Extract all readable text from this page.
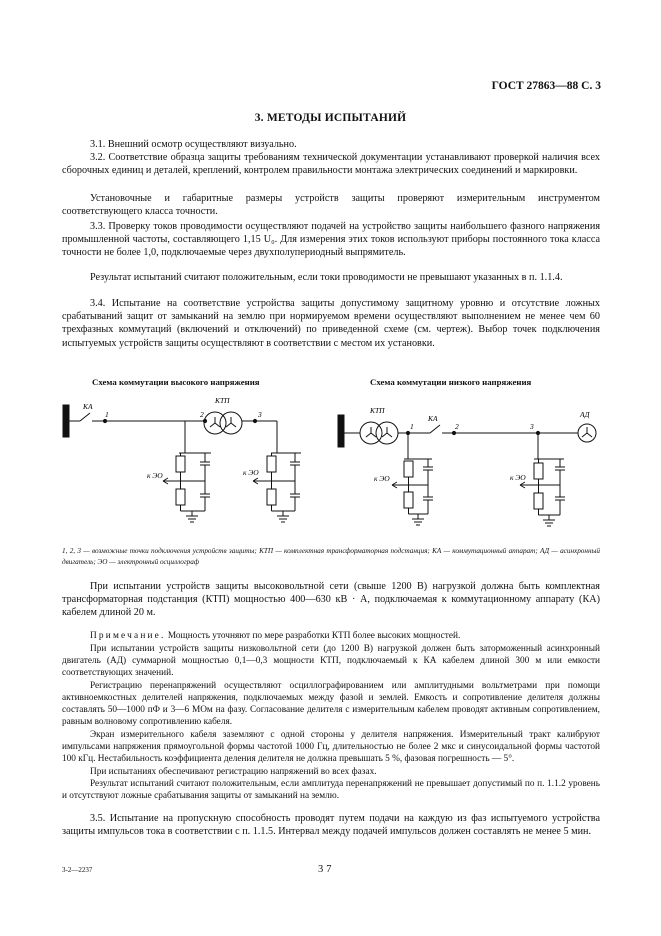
ГОСТ 27863—88 С. 3
3. МЕТОДЫ ИСПЫТАНИЙ
3.1. Внешний осмотр осуществляют визуально.
3.2. Соответствие образца защиты требованиям технической документации устанавливают проверкой наличия всех сборочных единиц и деталей, креплений, контролем правильности монтажа электрических соединений и маркировки.
Установочные и габаритные размеры устройств защиты проверяют измерительным инструментом соответствующего класса точности.
3.3. Проверку токов проводимости осуществляют подачей на устройство защиты наибольшего фазного напряжения промышленной частоты, составляющего 1,15 U₀. Для измерения этих токов используют приборы постоянного тока класса точности не более 1,0, подключаемые через двухполупериодный выпрямитель.
Результат испытаний считают положительным, если токи проводимости не превышают указанных в п. 1.1.4.
3.4. Испытание на соответствие устройства защиты допустимому защитному уровню и отсутствие ложных срабатываний защит от замыканий на землю при нормируемом времени осуществляют выполнением не менее чем 60 трехфазных коммутаций (включений и отключений) по приведенной схеме (см. чертеж). Выбор точек подключения испытуемых устройств защиты осуществляют в соответствии с местом их установки.
Схема коммутации высокого напряжения	Схема коммутации низкого напряжения
КА
1	2	3
КТП
к ЭО	к ЭО
КТП
КА	АД
1	2	3
к ЭО	к ЭО
1, 2, 3 — возможные точки подключения устройств защиты; КТП — комплектная трансформаторная подстанция; КА — коммутационный аппарат; АД — асинхронный двигатель; ЭО — электронный осциллограф
При испытании устройств защиты высоковольтной сети (свыше 1200 В) нагрузкой должна быть комплектная трансформаторная подстанция (КТП) мощностью 400—630 кВ · А, подключаемая к коммутационному аппарату (КА) кабелем длиной 20 м.
Примечание. Мощность уточняют по мере разработки КТП более высоких мощностей.
При испытании устройств защиты низковольтной сети (до 1200 В) нагрузкой должен быть заторможенный асинхронный двигатель (АД) суммарной мощностью 0,1—0,3 мощности КТП, подключаемый к КА кабелем длиной 300 м или емкости соответствующих значений.
Регистрацию перенапряжений осуществляют осциллографированием или амплитудными вольтметрами при помощи активноемкостных делителей напряжения, подключаемых между фазой и землей. Емкость и сопротивление делителя должны составлять 50—1000 пФ и 3—6 МОм на фазу. Согласование делителя с измерительным кабелем проводят активным сопротивлением, равным волновому сопротивлению кабеля.
Экран измерительного кабеля заземляют с одной стороны у делителя напряжения. Измерительный тракт калибруют импульсами напряжения прямоугольной формы частотой 1000 Гц, длительностью не более 2 мкс и синусоидальной формы частотой 100 кГц. Нестабильность коэффициента деления делителя не должна превышать 5 %, фазовая погрешность — 5°.
При испытаниях обеспечивают регистрацию напряжений во всех фазах.
Результат испытаний считают положительным, если амплитуда перенапряжений не превышает допустимый по п. 1.1.2 уровень и отсутствуют ложные срабатывания защиты от замыканий на землю.
3.5. Испытание на пропускную способность проводят путем подачи на каждую из фаз испытуемого устройства защиты импульсов тока в соответствии с п. 1.1.5. Интервал между подачей импульсов должен составлять не менее 5 мин.
3-2—2237	37
